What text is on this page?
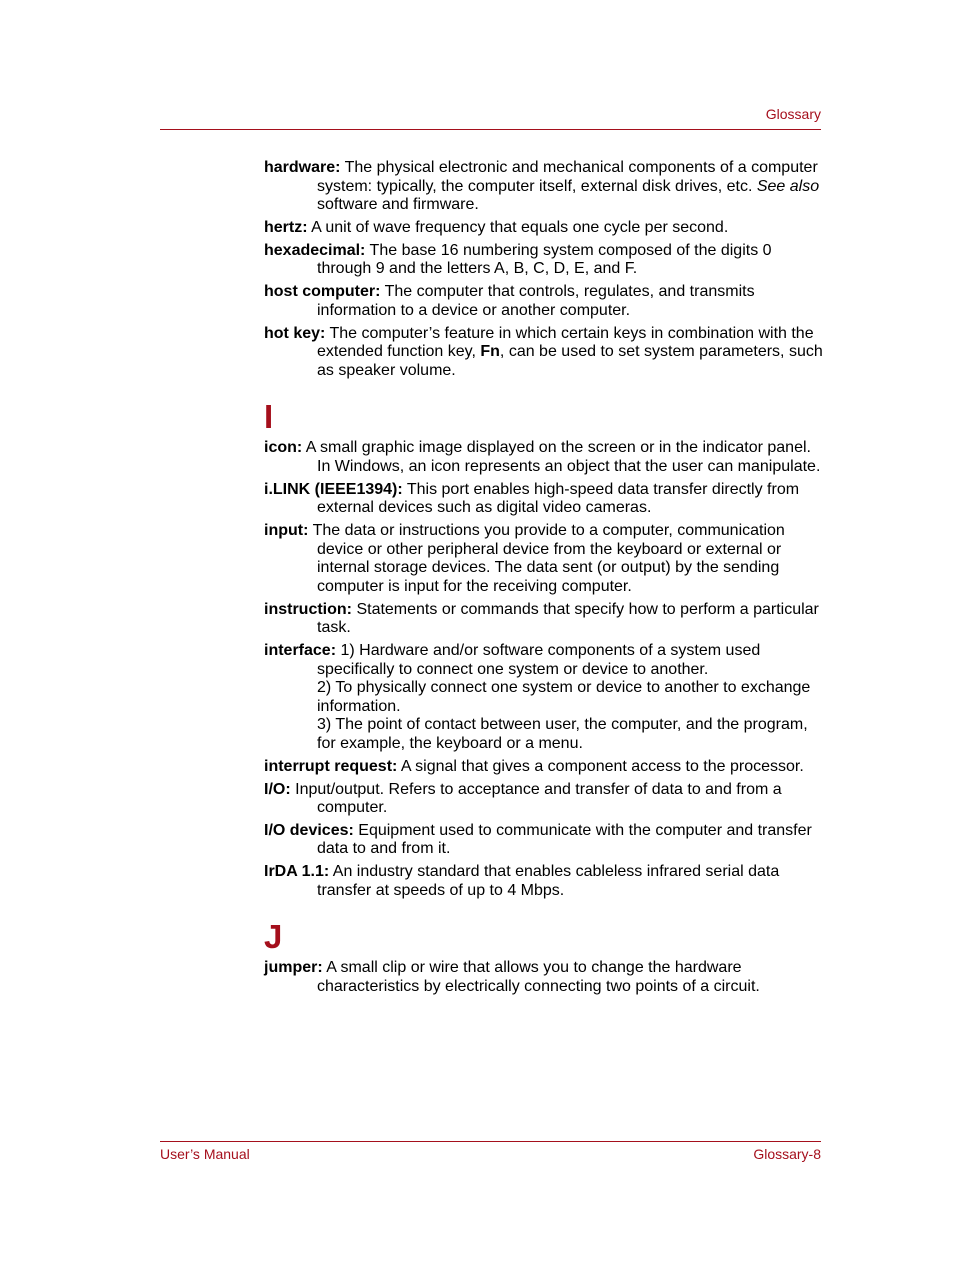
Glossary

hardware: The physical electronic and mechanical components of a computer system: typically, the computer itself, external disk drives, etc. See also software and firmware.

hertz: A unit of wave frequency that equals one cycle per second.

hexadecimal: The base 16 numbering system composed of the digits 0 through 9 and the letters A, B, C, D, E, and F.

host computer: The computer that controls, regulates, and transmits information to a device or another computer.

hot key: The computer’s feature in which certain keys in combination with the extended function key, Fn, can be used to set system parameters, such as speaker volume.

I

icon: A small graphic image displayed on the screen or in the indicator panel. In Windows, an icon represents an object that the user can manipulate.

i.LINK (IEEE1394): This port enables high-speed data transfer directly from external devices such as digital video cameras.

input: The data or instructions you provide to a computer, communication device or other peripheral device from the keyboard or external or internal storage devices. The data sent (or output) by the sending computer is input for the receiving computer.

instruction: Statements or commands that specify how to perform a particular task.

interface: 1) Hardware and/or software components of a system used specifically to connect one system or device to another.
2) To physically connect one system or device to another to exchange information.
3) The point of contact between user, the computer, and the program, for example, the keyboard or a menu.

interrupt request: A signal that gives a component access to the processor.

I/O: Input/output. Refers to acceptance and transfer of data to and from a computer.

I/O devices: Equipment used to communicate with the computer and transfer data to and from it.

IrDA 1.1: An industry standard that enables cableless infrared serial data transfer at speeds of up to 4 Mbps.

J

jumper: A small clip or wire that allows you to change the hardware characteristics by electrically connecting two points of a circuit.

User’s Manual	Glossary-8
